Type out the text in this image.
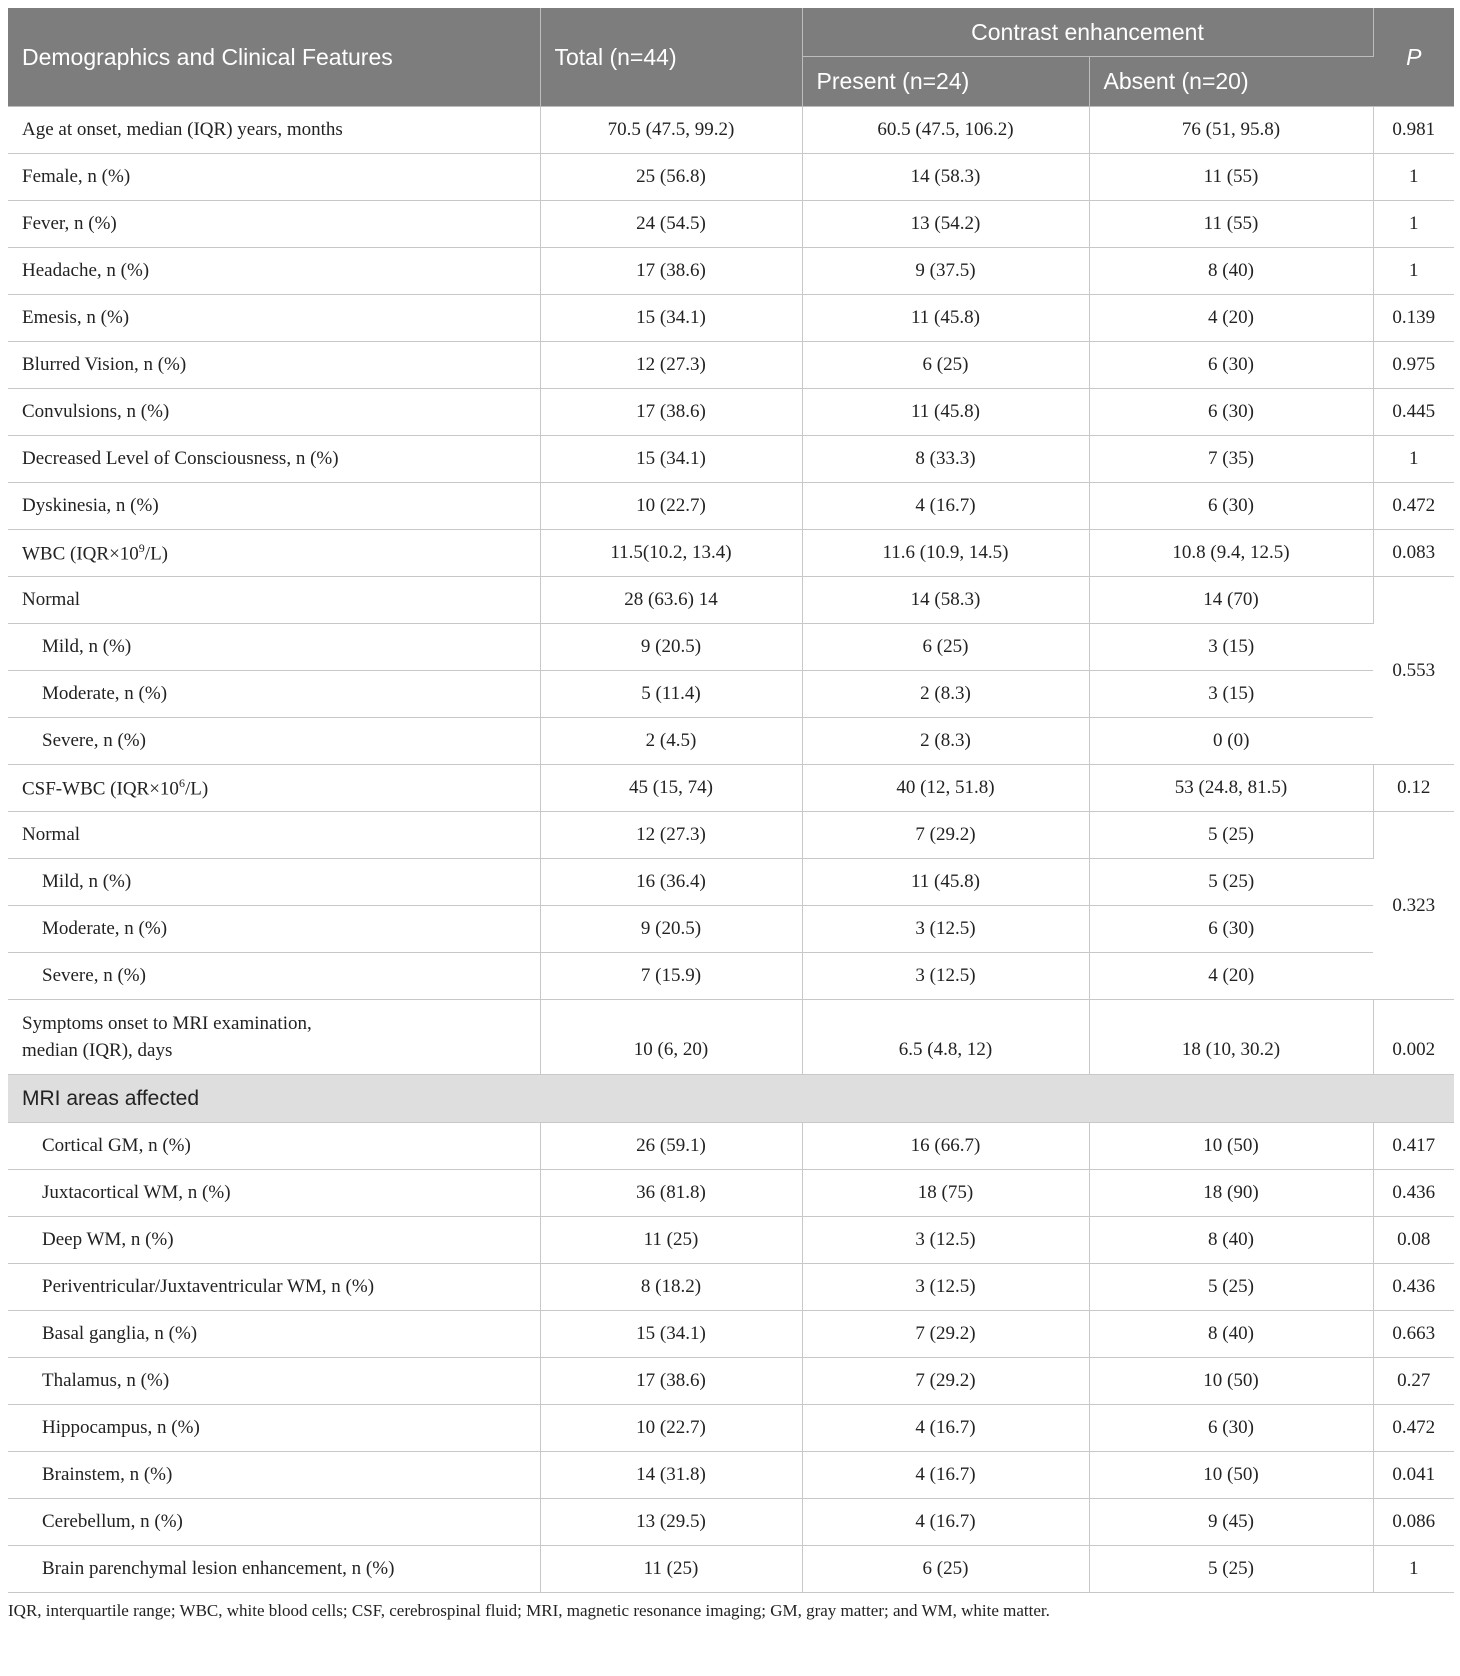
Demographics and Clinical Features	Total (n=44)	Contrast enhancement		P
		Present (n=24)	Absent (n=20)	
Age at onset, median (IQR) years, months	70.5 (47.5, 99.2)	60.5 (47.5, 106.2)	76 (51, 95.8)	0.981
Female, n (%)	25 (56.8)	14 (58.3)	11 (55)	1
Fever, n (%)	24 (54.5)	13 (54.2)	11 (55)	1
Headache, n (%)	17 (38.6)	9 (37.5)	8 (40)	1
Emesis, n (%)	15 (34.1)	11 (45.8)	4 (20)	0.139
Blurred Vision, n (%)	12 (27.3)	6 (25)	6 (30)	0.975
Convulsions, n (%)	17 (38.6)	11 (45.8)	6 (30)	0.445
Decreased Level of Consciousness, n (%)	15 (34.1)	8 (33.3)	7 (35)	1
Dyskinesia, n (%)	10 (22.7)	4 (16.7)	6 (30)	0.472
WBC $(IQR\times 10^9/L)$	11.5(10.2, 13.4)	11.6 (10.9, 14.5)	10.8 (9.4, 12.5)	0.083
Normal	28 (63.6) 14	14 (58.3)	14 (70)	0.553
Mild, n (%)	9 (20.5)	6 (25)	3 (15)	
Moderate, n (%)	5 (11.4)	2 (8.3)	3 (15)	
Severe, n (%)	2 (4.5)	2 (8.3)	0 (0)	
CSF-WBC $(IQR\times 10^6/L)$	45 (15, 74)	40 (12, 51.8)	53 (24.8, 81.5)	0.12
Normal	12 (27.3)	7 (29.2)	5 (25)	0.323
Mild, n (%)	16 (36.4)	11 (45.8)	5 (25)	
Moderate, n (%)	9 (20.5)	3 (12.5)	6 (30)	
Severe, n (%)	7 (15.9)	3 (12.5)	4 (20)	

Symptoms onset to MRI examination,
median (IQR), days	10 (6, 20)	6.5 (4.8, 12)	18 (10, 30.2)	0.002
MRI areas affected				
Cortical GM, n (%)	26 (59.1)	16 (66.7)	10 (50)	0.417
Juxtacortical WM, n (%)	36 (81.8)	18 (75)	18 (90)	0.436
Deep WM, n (%)	11 (25)	3 (12.5)	8 (40)	0.08
Periventricular/Juxtaventricular WM, n (%)	8 (18.2)	3 (12.5)	5 (25)	0.436
Basal ganglia, n (%)	15 (34.1)	7 (29.2)	8 (40)	0.663
Thalamus, n (%)	17 (38.6)	7 (29.2)	10 (50)	0.27
Hippocampus, n (%)	10 (22.7)	4 (16.7)	6 (30)	0.472
Brainstem, n (%)	14 (31.8)	4 (16.7)	10 (50)	0.041
Cerebellum, n (%)	13 (29.5)	4 (16.7)	9 (45)	0.086
Brain parenchymal lesion enhancement, n (%)	11 (25)	6 (25)	5 (25)	1
IQR, interquartile range; WBC, white blood cells; CSF, cerebrospinal fluid; MRI, magnetic resonance imaging; GM, gray matter; and WM, white matter.
